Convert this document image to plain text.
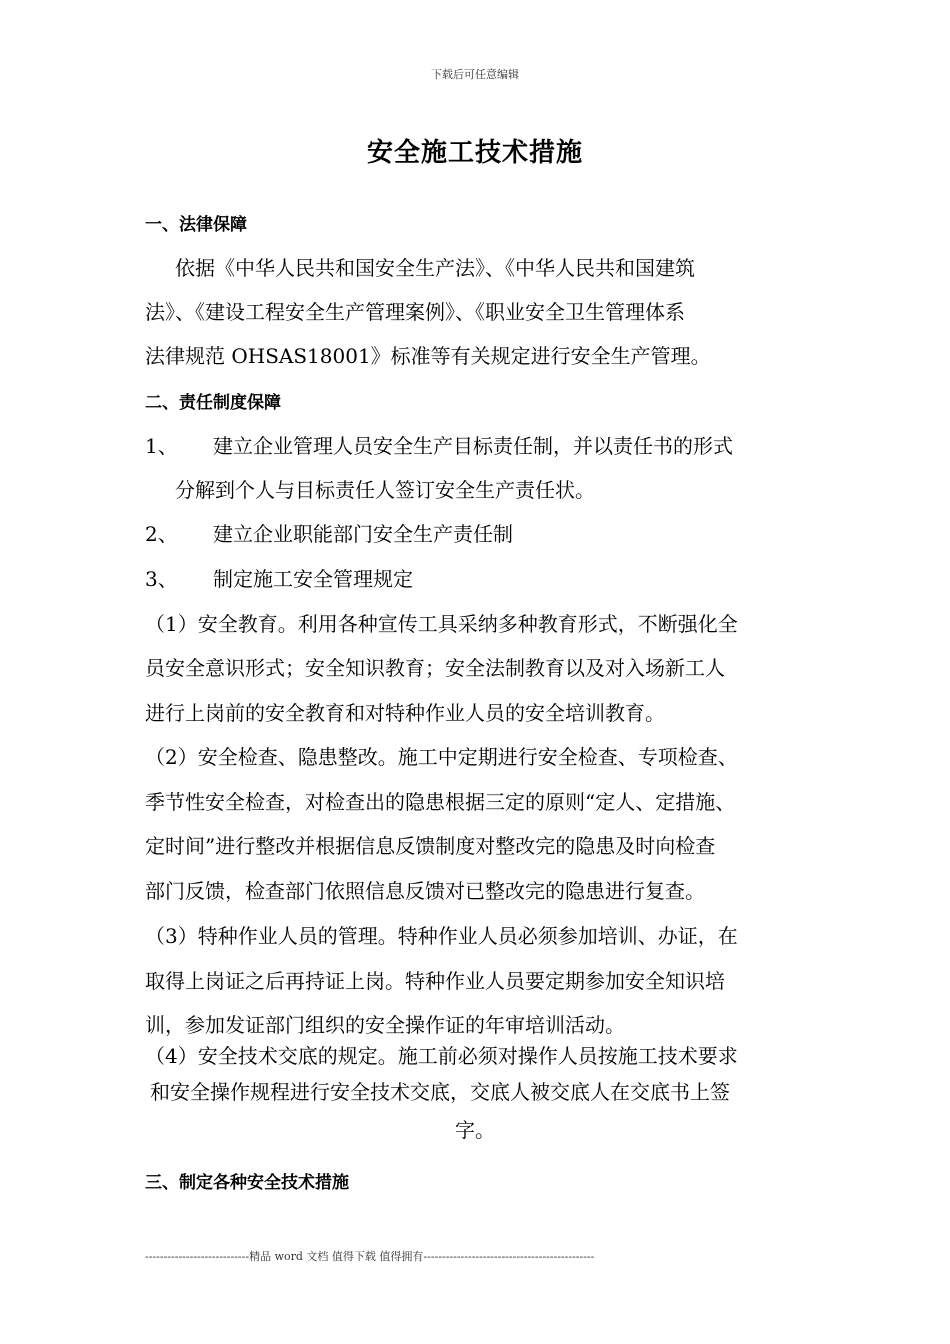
下载后可任意编辑
安全施工技术措施
一、法律保障
依据《中华人民共和国安全生产法》、《中华人民共和国建筑
法》、《建设工程安全生产管理案例》、《职业安全卫生管理体系
法律规范 OHSAS18001》标准等有关规定进行安全生产管理。
二、责任制度保障
1、 建立企业管理人员安全生产目标责任制，并以责任书的形式
分解到个人与目标责任人签订安全生产责任状。
2、 建立企业职能部门安全生产责任制
3、 制定施工安全管理规定
（1）安全教育。利用各种宣传工具采纳多种教育形式，不断强化全
员安全意识形式；安全知识教育；安全法制教育以及对入场新工人
进行上岗前的安全教育和对特种作业人员的安全培训教育。
（2）安全检查、隐患整改。施工中定期进行安全检查、专项检查、
季节性安全检查，对检查出的隐患根据三定的原则“定人、定措施、
定时间”进行整改并根据信息反馈制度对整改完的隐患及时向检查
部门反馈，检查部门依照信息反馈对已整改完的隐患进行复查。
（3）特种作业人员的管理。特种作业人员必须参加培训、办证，在
取得上岗证之后再持证上岗。特种作业人员要定期参加安全知识培
训，参加发证部门组织的安全操作证的年审培训活动。
（4）安全技术交底的规定。施工前必须对操作人员按施工技术要求
和安全操作规程进行安全技术交底，交底人被交底人在交底书上签
字。
三、制定各种安全技术措施
----------------------------精品 word 文档 值得下载 值得拥有----------------------------------------------
